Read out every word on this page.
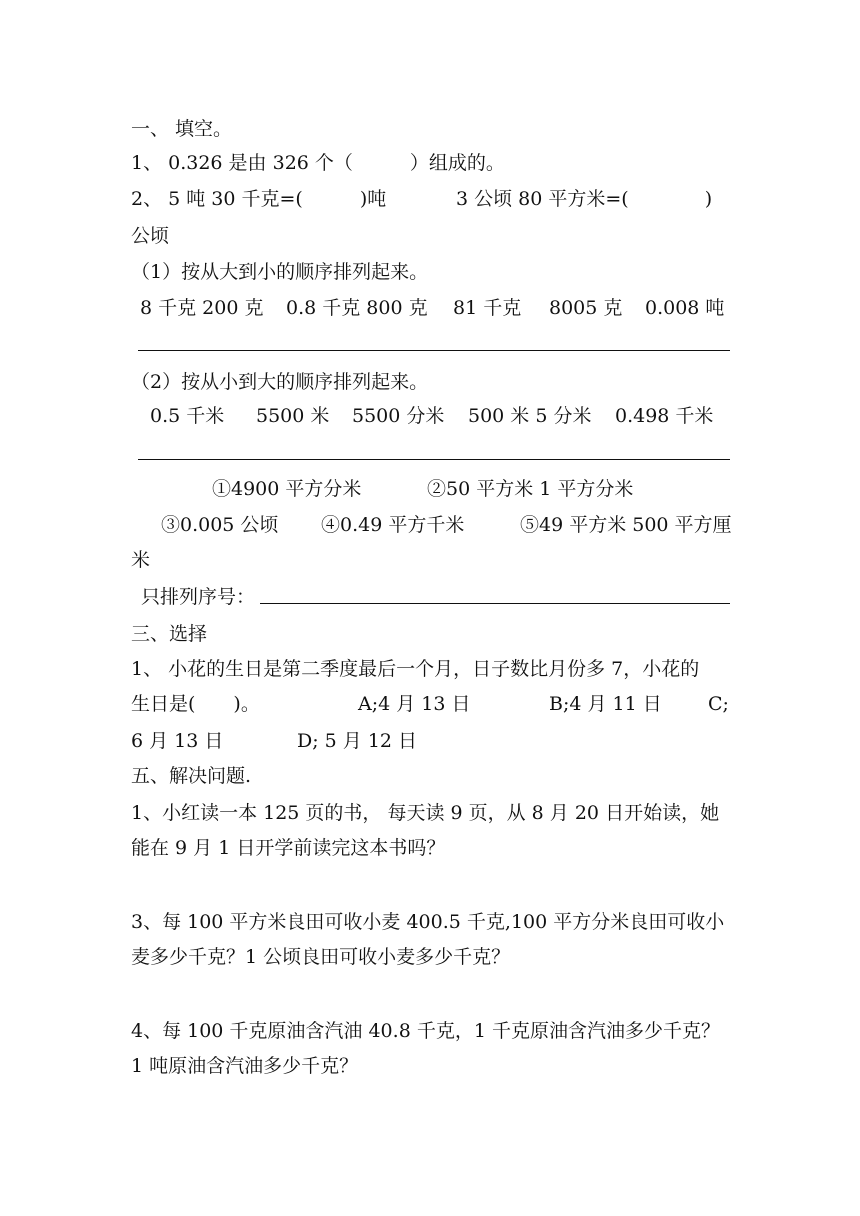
一、 填空。
1、 0.326 是由 326 个（　　　）组成的。
2、 5 吨 30 千克=(　　　)吨	3 公顷 80 平方米=(　　　　)
公顷
（1）按从大到小的顺序排列起来。
8 千克 200 克 0.8 千克 800 克 81 千克 8005 克 0.008 吨
（2）按从小到大的顺序排列起来。
0.5 千米 5500 米 5500 分米 500 米 5 分米 0.498 千米
①4900 平方分米	②50 平方米 1 平方分米
③0.005 公顷 ④0.49 平方千米	⑤49 平方米 500 平方厘
米
只排列序号：
三、选择
1、 小花的生日是第二季度最后一个月，日子数比月份多 7，小花的
生日是(　　)。	A;4 月 13 日	B;4 月 11 日 C;
6 月 13 日	D; 5 月 12 日
五、解决问题.
1、小红读一本 125 页的书， 每天读 9 页，从 8 月 20 日开始读，她
能在 9 月 1 日开学前读完这本书吗？
3、每 100 平方米良田可收小麦 400.5 千克,100 平方分米良田可收小
麦多少千克？1 公顷良田可收小麦多少千克？
4、每 100 千克原油含汽油 40.8 千克，1 千克原油含汽油多少千克？
1 吨原油含汽油多少千克？
